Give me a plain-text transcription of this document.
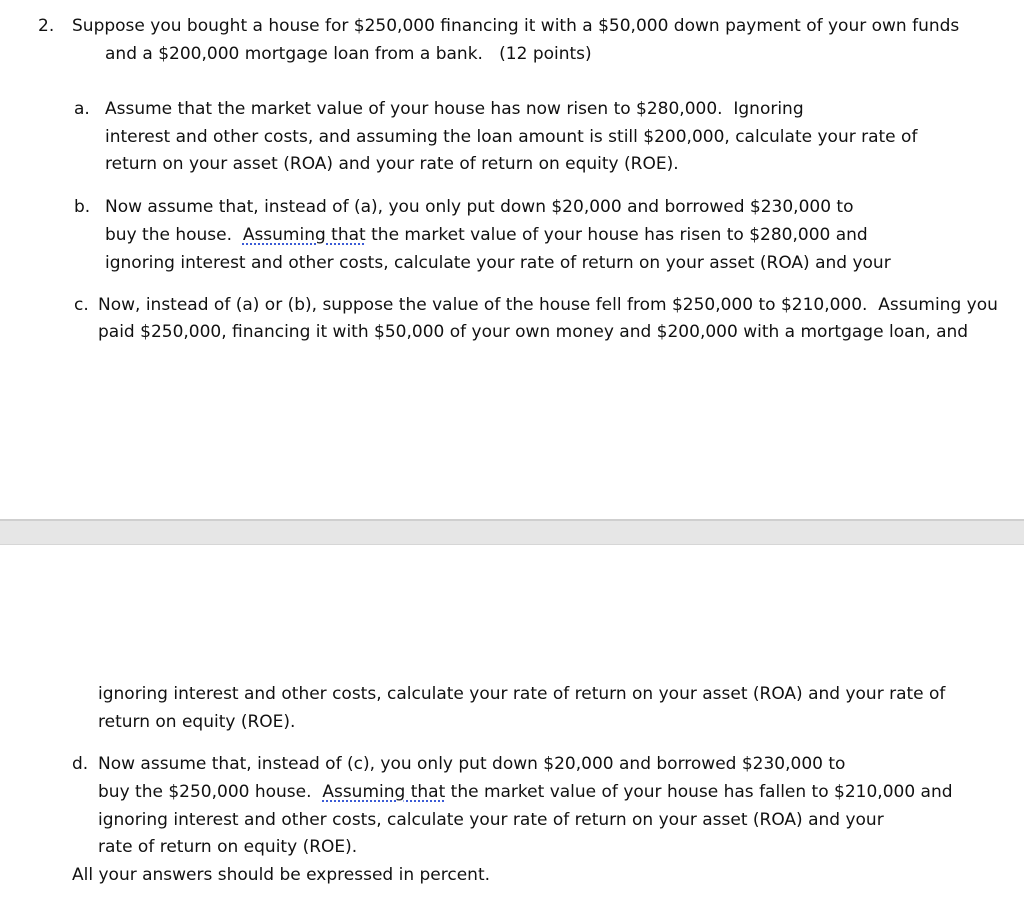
2. Suppose you bought a house for $250,000 financing it with a $50,000 down payment of your own funds
and a $200,000 mortgage loan from a bank.   (12 points)
a. Assume that the market value of your house has now risen to $280,000.  Ignoring
interest and other costs, and assuming the loan amount is still $200,000, calculate your rate of
return on your asset (ROA) and your rate of return on equity (ROE).
b. Now assume that, instead of (a), you only put down $20,000 and borrowed $230,000 to
buy the house.  Assuming that the market value of your house has risen to $280,000 and
ignoring interest and other costs, calculate your rate of return on your asset (ROA) and your
c. Now, instead of (a) or (b), suppose the value of the house fell from $250,000 to $210,000.  Assuming you
paid $250,000, financing it with $50,000 of your own money and $200,000 with a mortgage loan, and
ignoring interest and other costs, calculate your rate of return on your asset (ROA) and your rate of
return on equity (ROE).
d. Now assume that, instead of (c), you only put down $20,000 and borrowed $230,000 to
buy the $250,000 house.  Assuming that the market value of your house has fallen to $210,000 and
ignoring interest and other costs, calculate your rate of return on your asset (ROA) and your
rate of return on equity (ROE).
All your answers should be expressed in percent.
